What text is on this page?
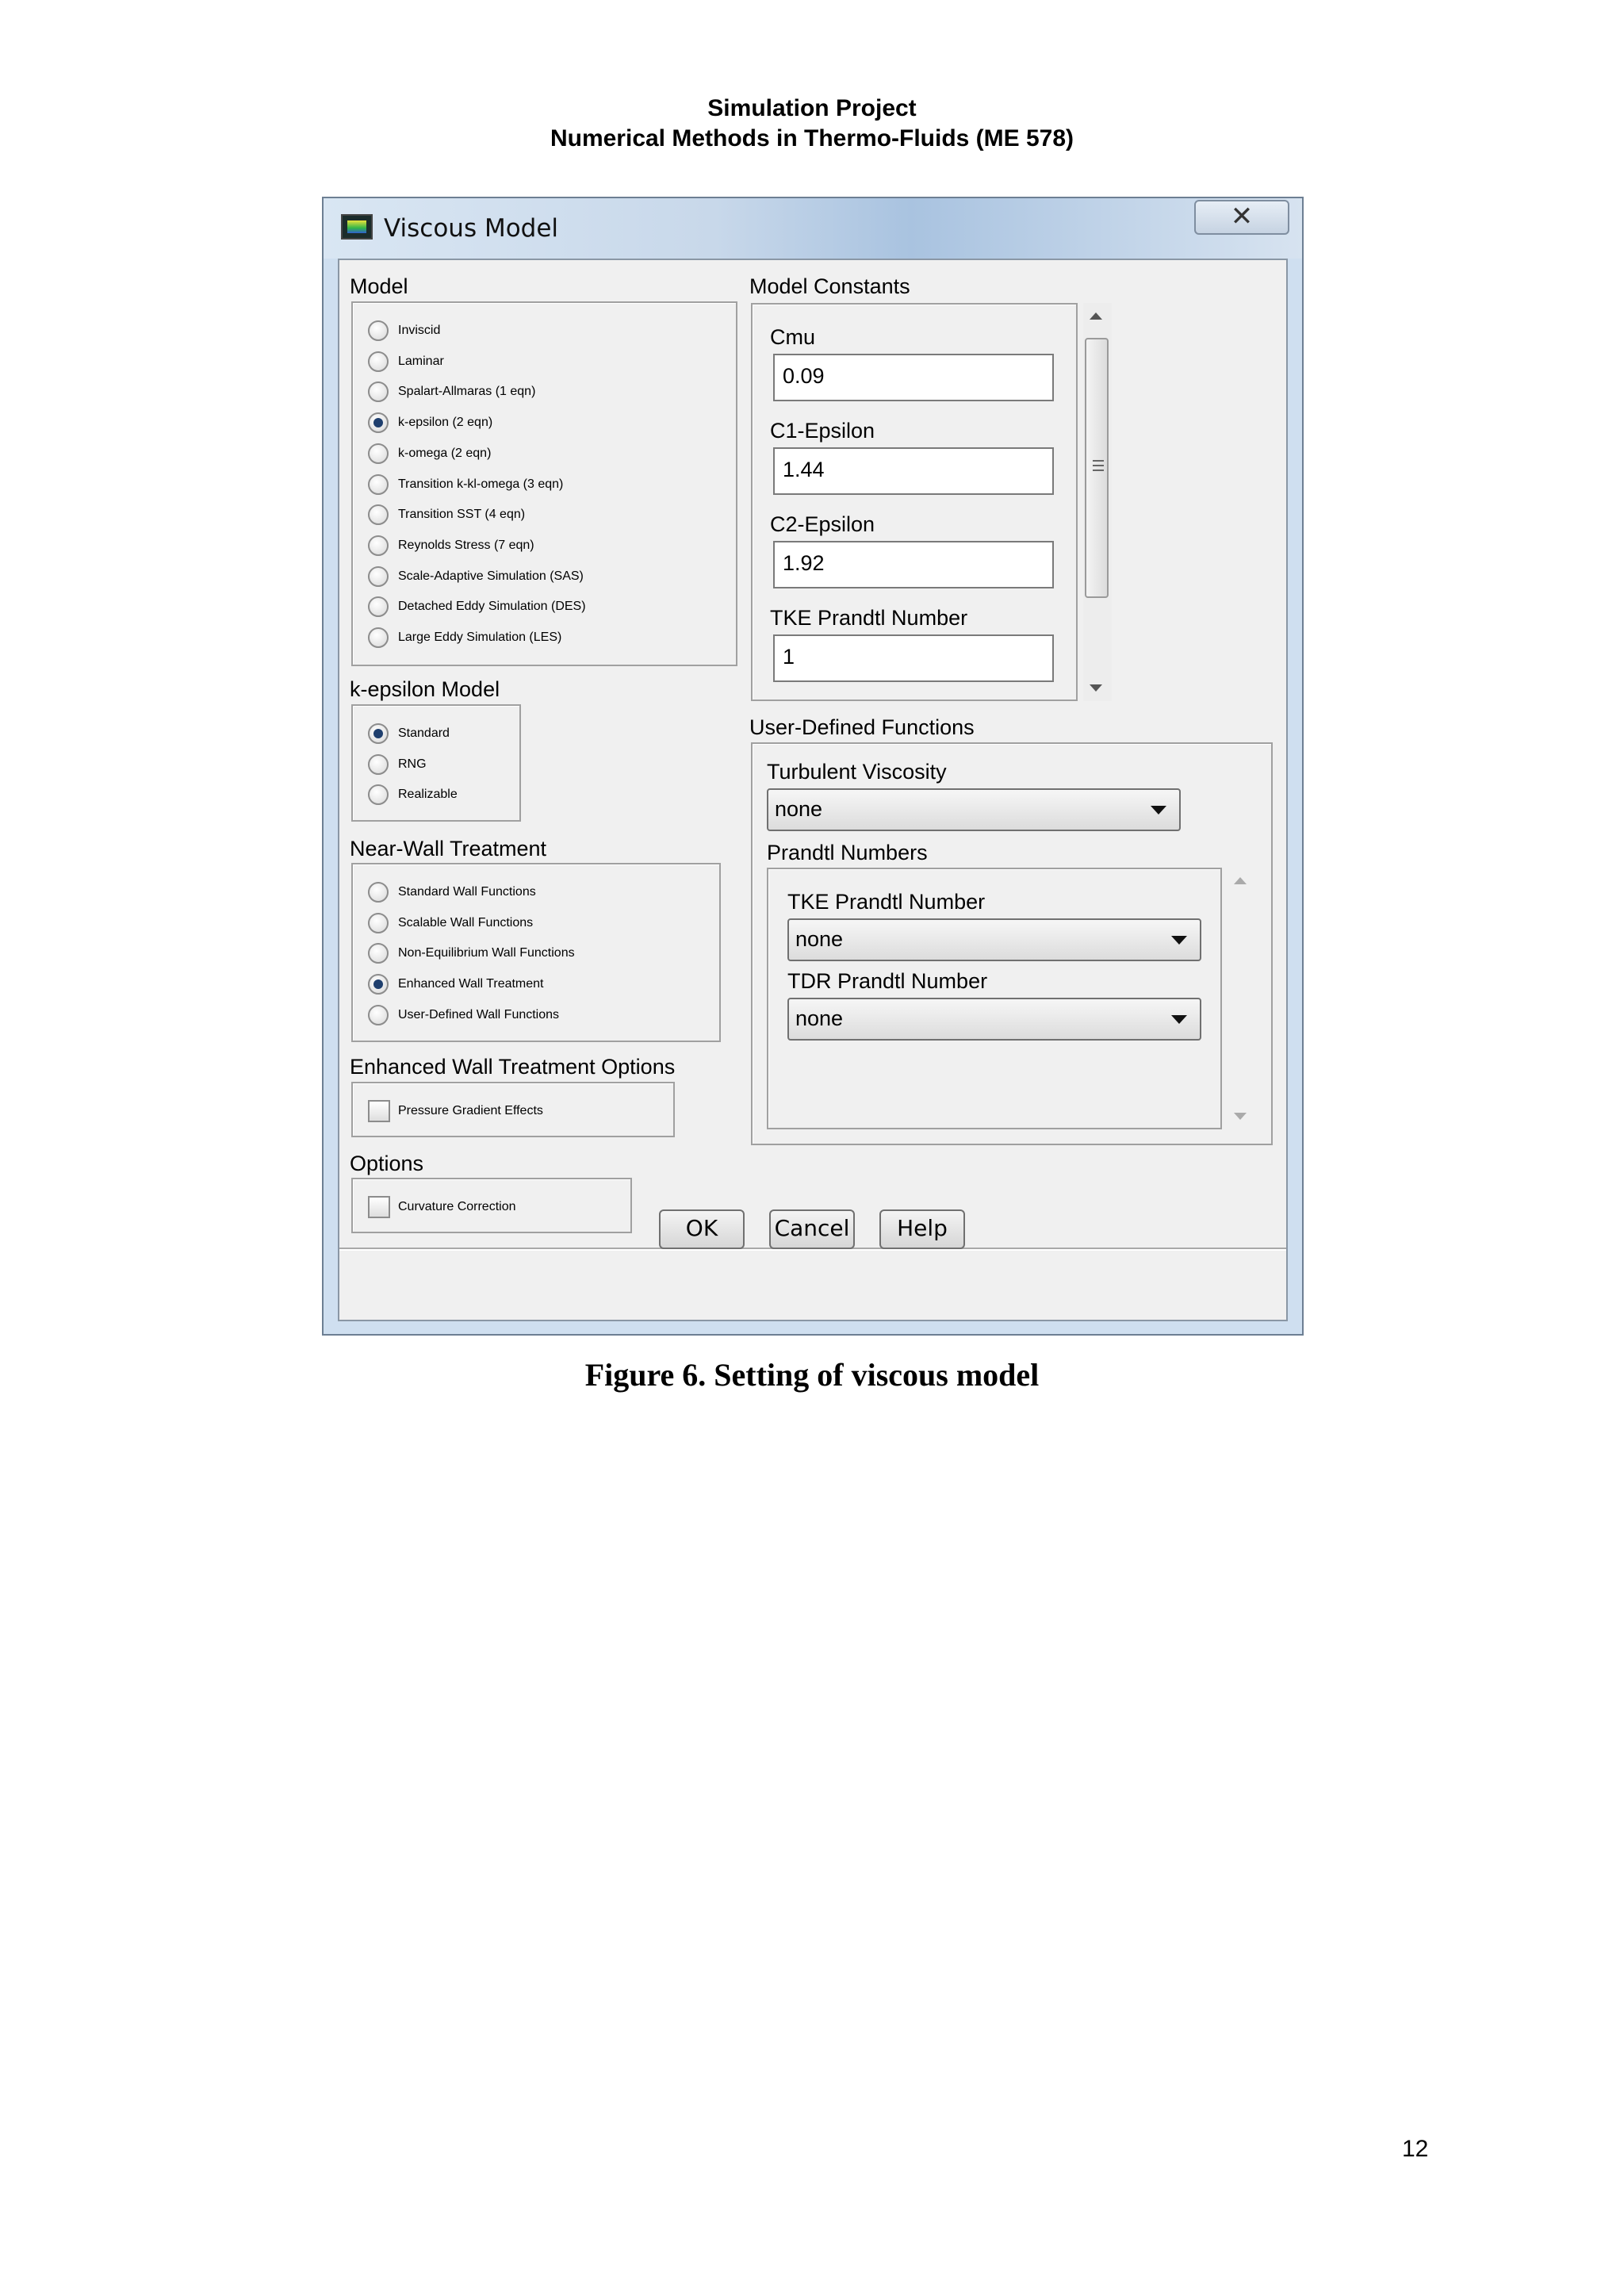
Simulation Project
Numerical Methods in Thermo-Fluids (ME 578)
Viscous Model	✕
Model
Inviscid
Laminar
Spalart-Allmaras (1 eqn)
k-epsilon (2 eqn)
k-omega (2 eqn)
Transition k-kl-omega (3 eqn)
Transition SST (4 eqn)
Reynolds Stress (7 eqn)
Scale-Adaptive Simulation (SAS)
Detached Eddy Simulation (DES)
Large Eddy Simulation (LES)
k-epsilon Model
Standard
RNG
Realizable
Near-Wall Treatment
Standard Wall Functions
Scalable Wall Functions
Non-Equilibrium Wall Functions
Enhanced Wall Treatment
User-Defined Wall Functions
Enhanced Wall Treatment Options
Pressure Gradient Effects
Options
Curvature Correction
Model Constants
Cmu
0.09
C1-Epsilon
1.44
C2-Epsilon
1.92
TKE Prandtl Number
1
User-Defined Functions
Turbulent Viscosity
none
Prandtl Numbers
TKE Prandtl Number
none
TDR Prandtl Number
none
OK	Cancel	Help
Figure 6. Setting of viscous model
12
